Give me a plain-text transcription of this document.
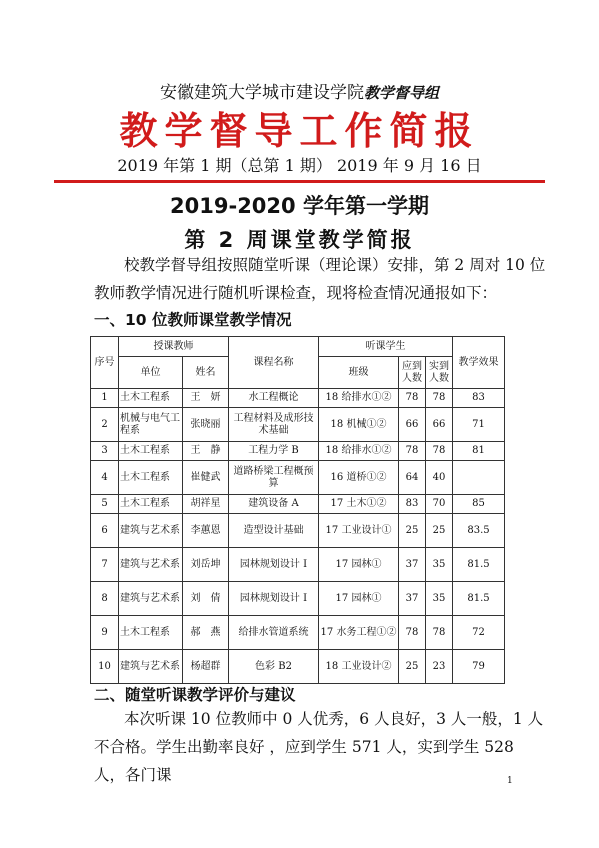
安徽建筑大学城市建设学院教学督导组
教学督导工作简报
2019 年第 1 期（总第 1 期） 2019 年 9 月 16 日
2019-2020 学年第一学期
第 2 周课堂教学简报
校教学督导组按照随堂听课（理论课）安排，第 2 周对 10 位教师教学情况进行随机听课检查，现将检查情况通报如下：
一、10 位教师课堂教学情况
序号	授课教师		课程名称	听课学生			教学效果
	单位	姓名		班级	应到人数	实到人数	
1	土木工程系	王　妍	水工程概论	18 给排水①②	78	78	83
2	机械与电气工程系	张晓丽	工程材料及成形技术基础	18 机械①②	66	66	71
3	土木工程系	王　静	工程力学 B	18 给排水①②	78	78	81
4	土木工程系	崔健武	道路桥梁工程概预算	16 道桥①②	64	40	
5	土木工程系	胡祥星	建筑设备 A	17 土木①②	83	70	85
6	建筑与艺术系	李蕙恩	造型设计基础	17 工业设计①	25	25	83.5
7	建筑与艺术系	刘岳坤	园林规划设计 I	17 园林①	37	35	81.5
8	建筑与艺术系	刘　倩	园林规划设计 I	17 园林①	37	35	81.5
9	土木工程系	郝　燕	给排水管道系统	17 水务工程①②	78	78	72
10	建筑与艺术系	杨超群	色彩 B2	18 工业设计②	25	23	79
二、随堂听课教学评价与建议
本次听课 10 位教师中 0 人优秀，6 人良好，3 人一般，1 人不合格。学生出勤率良好 ，应到学生 571 人，实到学生 528 人，各门课	1
